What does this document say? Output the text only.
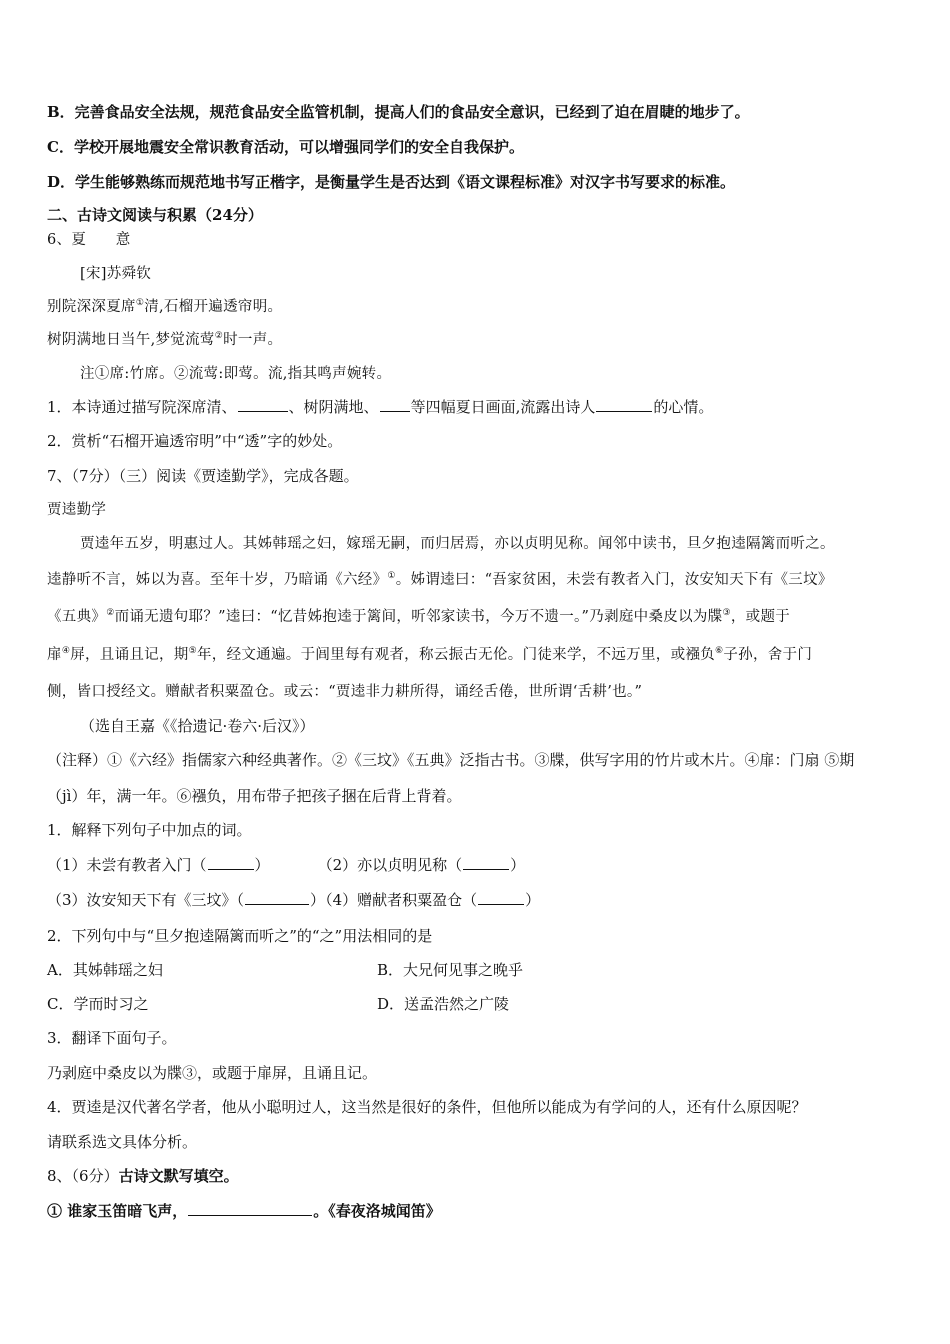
B．完善食品安全法规，规范食品安全监管机制，提高人们的食品安全意识，已经到了迫在眉睫的地步了。
C．学校开展地震安全常识教育活动，可以增强同学们的安全自我保护。
D．学生能够熟练而规范地书写正楷字，是衡量学生是否达到《语文课程标准》对汉字书写要求的标准。
二、古诗文阅读与积累（24分）
6、夏　　意
[宋]苏舜钦
别院深深夏席①清,石榴开遍透帘明。
树阴满地日当午,梦觉流莺②时一声。
注①席:竹席。②流莺:即莺。流,指其鸣声婉转。
1．本诗通过描写院深席清、	、树阴满地、 等四幅夏日画面,流露出诗人	的心情。
2．赏析“石榴开遍透帘明”中“透”字的妙处。
7、（7分）（三）阅读《贾逵勤学》，完成各题。
贾逵勤学
贾逵年五岁，明惠过人。其姊韩瑶之妇，嫁瑶无嗣，而归居焉，亦以贞明见称。闻邻中读书，旦夕抱逵隔篱而听之。
逵静听不言，姊以为喜。至年十岁，乃暗诵《六经》①。姊谓逵曰：“吾家贫困，未尝有教者入门，汝安知天下有《三坟》
《五典》②而诵无遗句耶？”逵曰：“忆昔姊抱逵于篱间，听邻家读书，今万不遗一。”乃剥庭中桑皮以为牒③，或题于
扉④屏，且诵且记，期⑤年，经文通遍。于闾里每有观者，称云振古无伦。门徒来学，不远万里，或襁负⑥子孙，舍于门
侧，皆口授经文。赠献者积粟盈仓。或云：“贾逵非力耕所得，诵经舌倦，世所谓‘舌耕’也。”
（选自王嘉《《拾遗记·卷六·后汉》）
（注释）①《六经》指儒家六种经典著作。②《三坟》《五典》泛指古书。③牒，供写字用的竹片或木片。④扉：门扇 ⑤期
（jì）年，满一年。⑥襁负，用布带子把孩子捆在后背上背着。
1．解释下列句子中加点的词。
（1）未尝有教者入门（	）	（2）亦以贞明见称（	）
（3）汝安知天下有《三坟》（	）（4）赠献者积粟盈仓（	）
2．下列句中与“旦夕抱逵隔篱而听之”的“之”用法相同的是
A．其姊韩瑶之妇	B．大兄何见事之晚乎
C．学而时习之	D．送孟浩然之广陵
3．翻译下面句子。
乃剥庭中桑皮以为牒③，或题于扉屏，且诵且记。
4．贾逵是汉代著名学者，他从小聪明过人，这当然是很好的条件，但他所以能成为有学问的人，还有什么原因呢？
请联系选文具体分析。
8、（6分）古诗文默写填空。
① 谁家玉笛暗飞声，	。《春夜洛城闻笛》
